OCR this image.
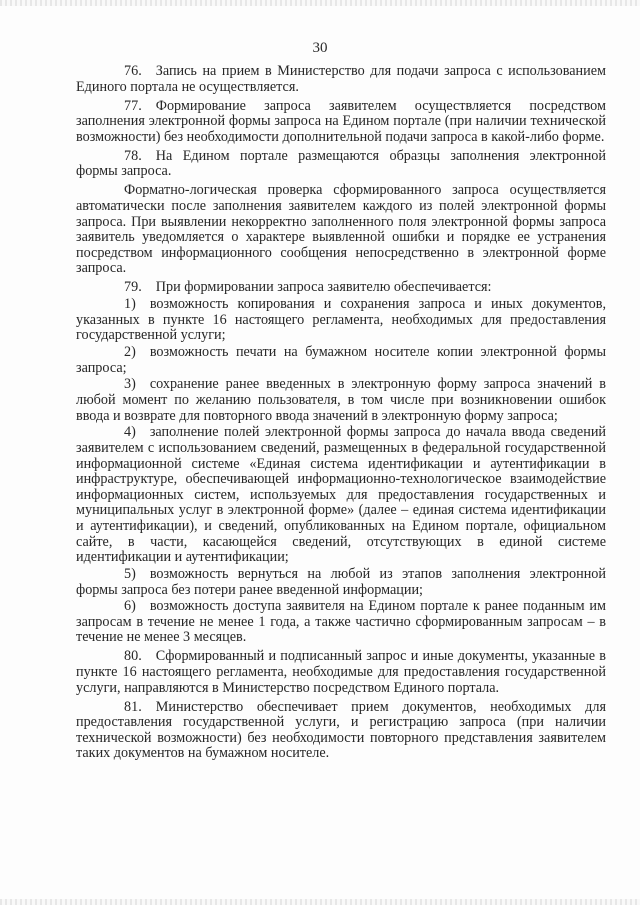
30

76. Запись на прием в Министерство для подачи запроса с использованием Единого портала не осуществляется.

77. Формирование запроса заявителем осуществляется посредством заполнения электронной формы запроса на Едином портале (при наличии технической возможности) без необходимости дополнительной подачи запроса в какой-либо форме.

78. На Едином портале размещаются образцы заполнения электронной формы запроса.

Форматно-логическая проверка сформированного запроса осуществляется автоматически после заполнения заявителем каждого из полей электронной формы запроса. При выявлении некорректно заполненного поля электронной формы запроса заявитель уведомляется о характере выявленной ошибки и порядке ее устранения посредством информационного сообщения непосредственно в электронной форме запроса.

79. При формировании запроса заявителю обеспечивается:

1) возможность копирования и сохранения запроса и иных документов, указанных в пункте 16 настоящего регламента, необходимых для предоставления государственной услуги;

2) возможность печати на бумажном носителе копии электронной формы запроса;

3) сохранение ранее введенных в электронную форму запроса значений в любой момент по желанию пользователя, в том числе при возникновении ошибок ввода и возврате для повторного ввода значений в электронную форму запроса;

4) заполнение полей электронной формы запроса до начала ввода сведений заявителем с использованием сведений, размещенных в федеральной государственной информационной системе «Единая система идентификации и аутентификации в инфраструктуре, обеспечивающей информационно-технологическое взаимодействие информационных систем, используемых для предоставления государственных и муниципальных услуг в электронной форме» (далее – единая система идентификации и аутентификации), и сведений, опубликованных на Едином портале, официальном сайте, в части, касающейся сведений, отсутствующих в единой системе идентификации и аутентификации;

5) возможность вернуться на любой из этапов заполнения электронной формы запроса без потери ранее введенной информации;

6) возможность доступа заявителя на Едином портале к ранее поданным им запросам в течение не менее 1 года, а также частично сформированным запросам – в течение не менее 3 месяцев.

80. Сформированный и подписанный запрос и иные документы, указанные в пункте 16 настоящего регламента, необходимые для предоставления государственной услуги, направляются в Министерство посредством Единого портала.

81. Министерство обеспечивает прием документов, необходимых для предоставления государственной услуги, и регистрацию запроса (при наличии технической возможности) без необходимости повторного представления заявителем таких документов на бумажном носителе.
